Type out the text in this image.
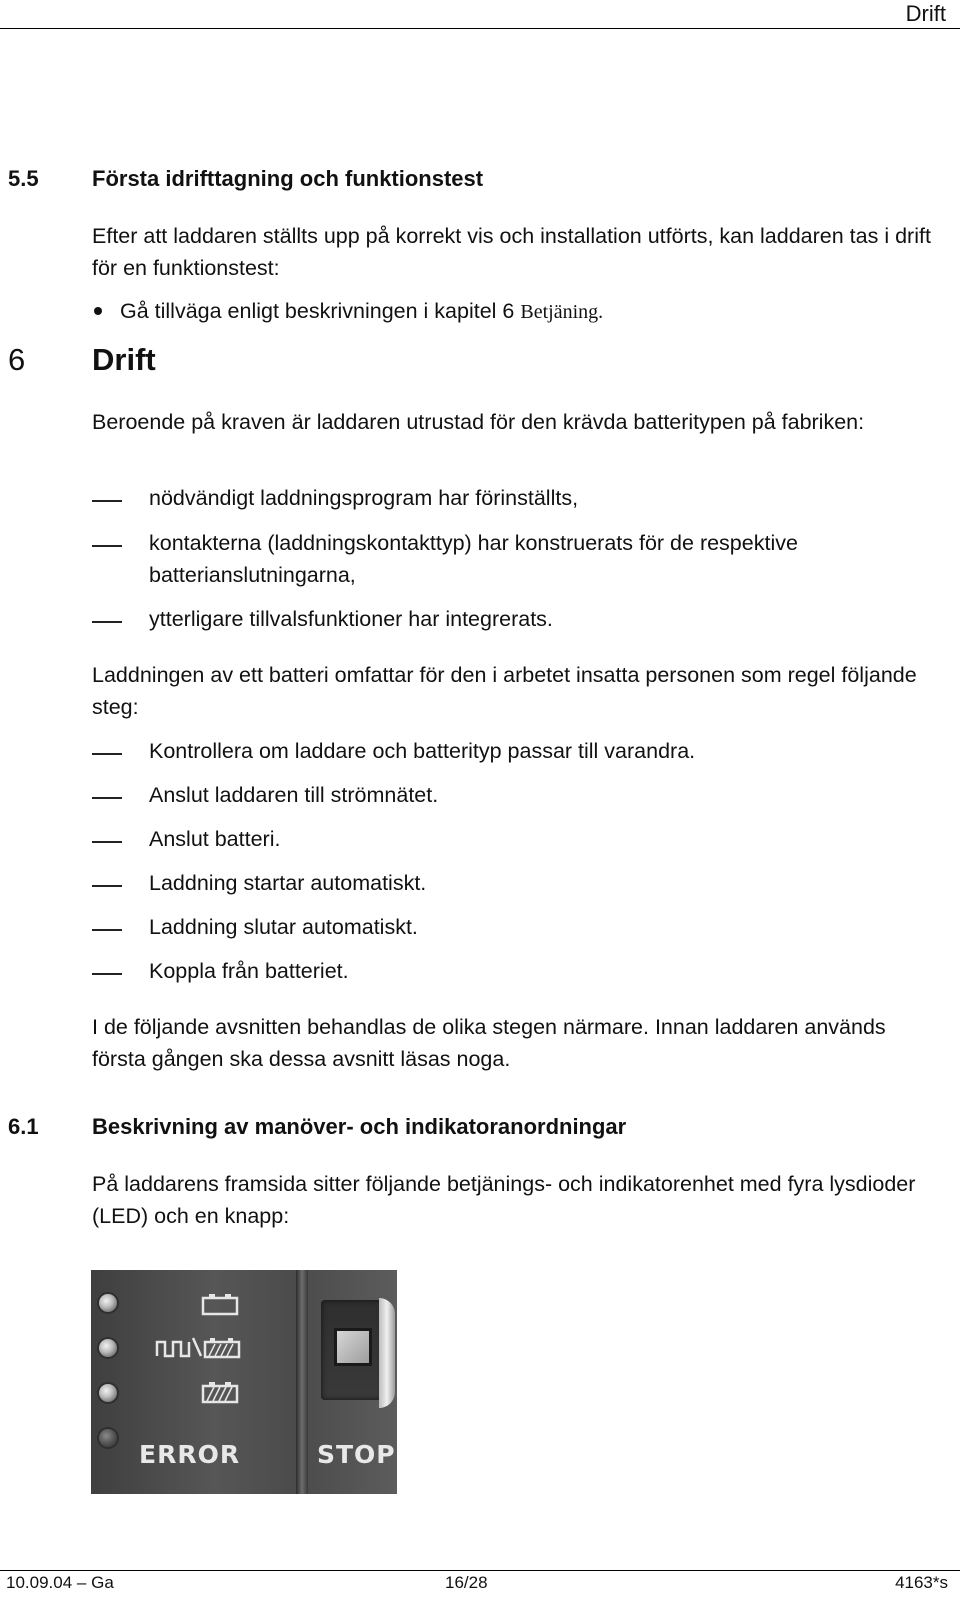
Drift
5.5 Första idrifttagning och funktionstest
Efter att laddaren ställts upp på korrekt vis och installation utförts, kan laddaren tas i drift för en funktionstest:
Gå tillväga enligt beskrivningen i kapitel 6 Betjäning.
6 Drift
Beroende på kraven är laddaren utrustad för den krävda batteritypen på fabriken:
nödvändigt laddningsprogram har förinställts,
kontakterna (laddningskontakttyp) har konstruerats för de respektive batterianslutningarna,
ytterligare tillvalsfunktioner har integrerats.
Laddningen av ett batteri omfattar för den i arbetet insatta personen som regel följande steg:
Kontrollera om laddare och batterityp passar till varandra.
Anslut laddaren till strömnätet.
Anslut batteri.
Laddning startar automatiskt.
Laddning slutar automatiskt.
Koppla från batteriet.
I de följande avsnitten behandlas de olika stegen närmare. Innan laddaren används första gången ska dessa avsnitt läsas noga.
6.1 Beskrivning av manöver- och indikatoranordningar
På laddarens framsida sitter följande betjänings- och indikatorenhet med fyra lysdioder (LED) och en knapp:
ERROR	STOP
10.09.04 – Ga	16/28	4163*s
